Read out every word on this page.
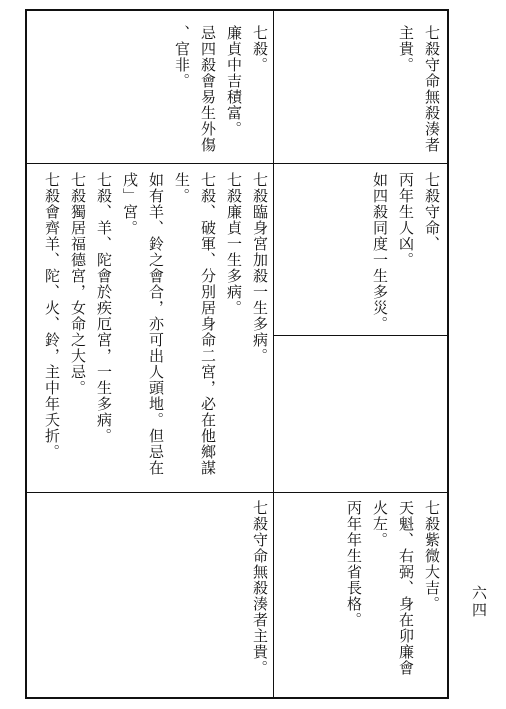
七殺守命無殺湊者
主貴。
七殺。
廉貞中吉積富。
忌四殺會易生外傷
、官非。
七殺守命、
丙年生人凶。
如四殺同度一生多災。
七殺臨身宮加殺一生多病。
七殺廉貞一生多病。
七殺、破軍、分別居身命二宮，必在他鄉謀
生。
如有羊、鈴之會合，亦可出人頭地。但忌在
戌」宮。
七殺、羊、陀會於疾厄宮，一生多病。
七殺獨居福德宮，女命之大忌。
七殺會齊羊、陀、火、鈴，主中年夭折。
七殺紫微大吉。
天魁、右弼、身在卯廉會
火左。
丙年年生省長格。
七殺守命無殺湊者主貴。	六四
